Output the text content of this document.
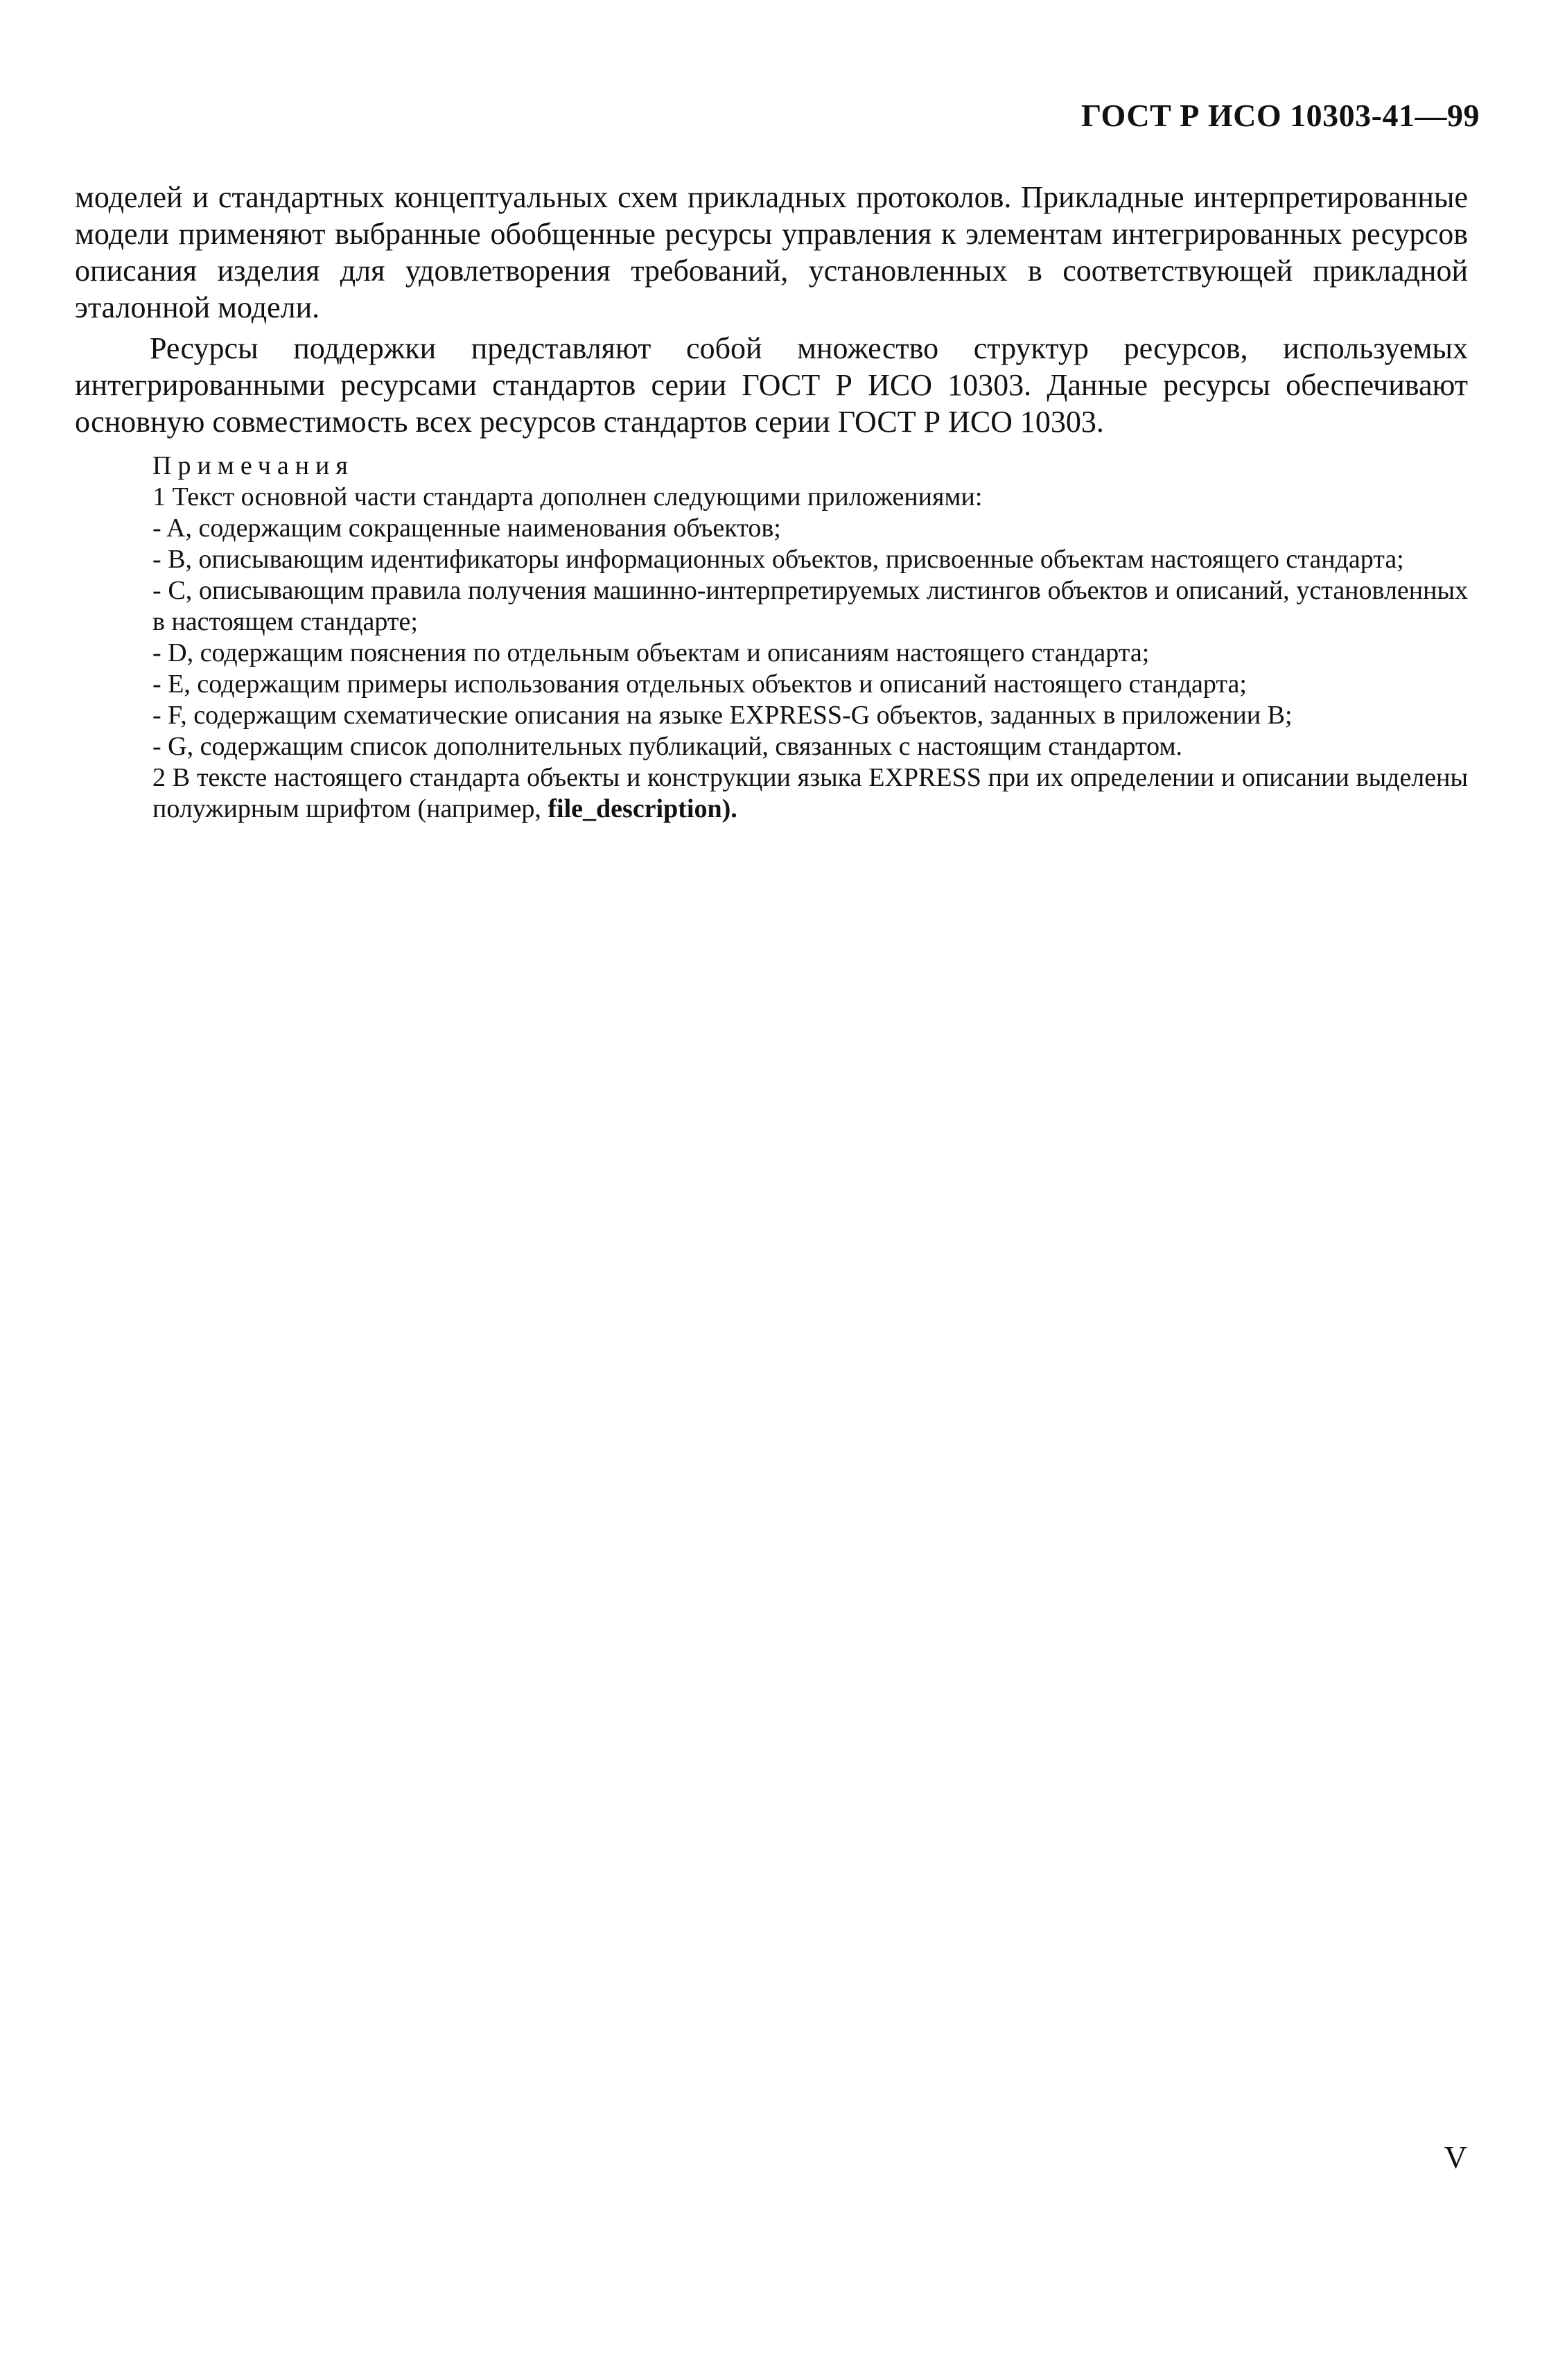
ГОСТ Р ИСО 10303-41—99

моделей и стандартных концептуальных схем прикладных протоколов. Прикладные интерпретированные модели применяют выбранные обобщенные ресурсы управления к элементам интегрированных ресурсов описания изделия для удовлетворения требований, установленных в соответствующей прикладной эталонной модели.

Ресурсы поддержки представляют собой множество структур ресурсов, используемых интегрированными ресурсами стандартов серии ГОСТ Р ИСО 10303. Данные ресурсы обеспечивают основную совместимость всех ресурсов стандартов серии ГОСТ Р ИСО 10303.

Примечания

1 Текст основной части стандарта дополнен следующими приложениями:

- A, содержащим сокращенные наименования объектов;

- B, описывающим идентификаторы информационных объектов, присвоенные объектам настоящего стандарта;

- C, описывающим правила получения машинно-интерпретируемых листингов объектов и описаний, установленных в настоящем стандарте;

- D, содержащим пояснения по отдельным объектам и описаниям настоящего стандарта;

- E, содержащим примеры использования отдельных объектов и описаний настоящего стандарта;

- F, содержащим схематические описания на языке EXPRESS-G объектов, заданных в приложении B;

- G, содержащим список дополнительных публикаций, связанных с настоящим стандартом.

2 В тексте настоящего стандарта объекты и конструкции языка EXPRESS при их определении и описании выделены полужирным шрифтом (например, file_description).

V
